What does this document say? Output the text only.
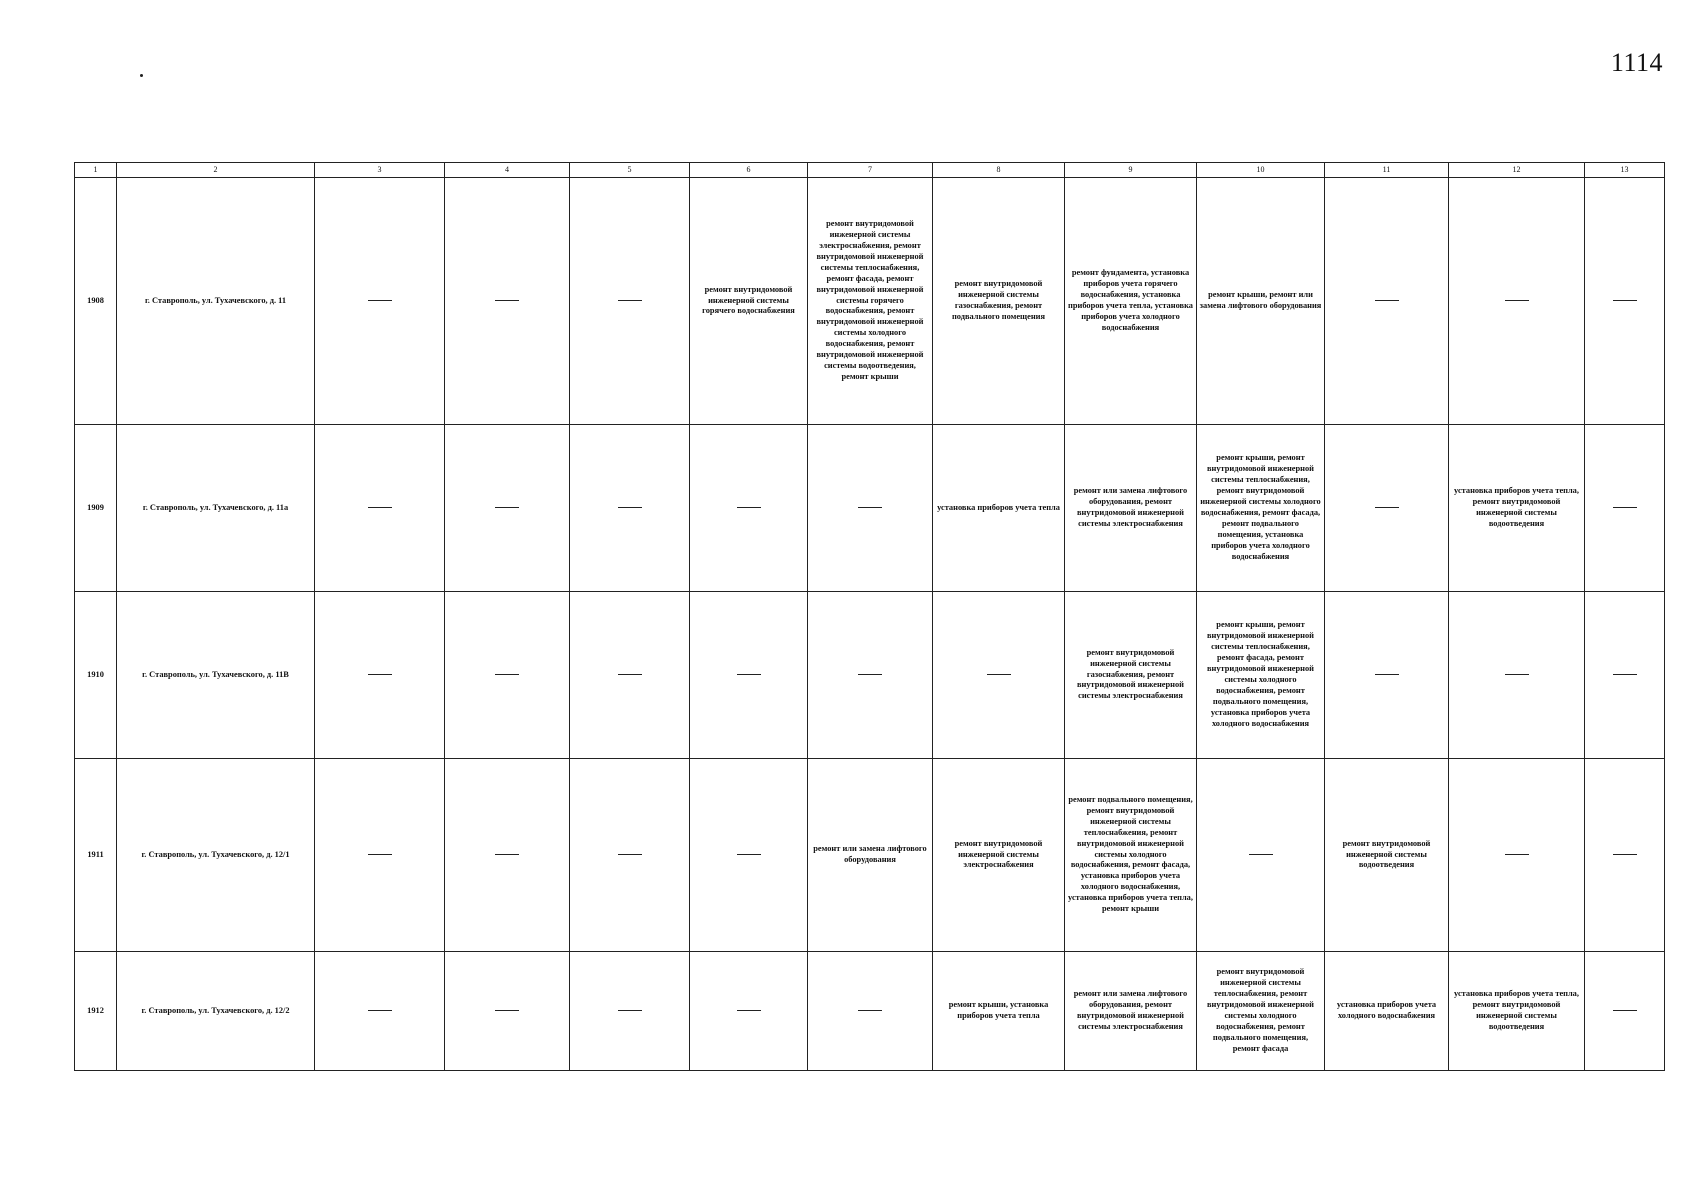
1114
1	2	3	4	5	6	7	8	9	10	11	12	13
1908	г. Ставрополь, ул. Тухачевского, д. 11				ремонт внутридомовой инженерной системы горячего водоснабжения	ремонт внутридомовой инженерной системы электроснабжения, ремонт внутридомовой инженерной системы теплоснабжения, ремонт фасада, ремонт внутридомовой инженерной системы горячего водоснабжения, ремонт внутридомовой инженерной системы холодного водоснабжения, ремонт внутридомовой инженерной системы водоотведения, ремонт крыши	ремонт внутридомовой инженерной системы газоснабжения, ремонт подвального помещения	ремонт фундамента, установка приборов учета горячего водоснабжения, установка приборов учета тепла, установка приборов учета холодного водоснабжения	ремонт крыши, ремонт или замена лифтового оборудования			
1909	г. Ставрополь, ул. Тухачевского, д. 11а						установка приборов учета тепла	ремонт или замена лифтового оборудования, ремонт внутридомовой инженерной системы электроснабжения	ремонт крыши, ремонт внутридомовой инженерной системы теплоснабжения, ремонт внутридомовой инженерной системы холодного водоснабжения, ремонт фасада, ремонт подвального помещения, установка приборов учета холодного водоснабжения		установка приборов учета тепла, ремонт внутридомовой инженерной системы водоотведения	
1910	г. Ставрополь, ул. Тухачевского, д. 11В							ремонт внутридомовой инженерной системы газоснабжения, ремонт внутридомовой инженерной системы электроснабжения	ремонт крыши, ремонт внутридомовой инженерной системы теплоснабжения, ремонт фасада, ремонт внутридомовой инженерной системы холодного водоснабжения, ремонт подвального помещения, установка приборов учета холодного водоснабжения			
1911	г. Ставрополь, ул. Тухачевского, д. 12/1					ремонт или замена лифтового оборудования	ремонт внутридомовой инженерной системы электроснабжения	ремонт подвального помещения, ремонт внутридомовой инженерной системы теплоснабжения, ремонт внутридомовой инженерной системы холодного водоснабжения, ремонт фасада, установка приборов учета холодного водоснабжения, установка приборов учета тепла, ремонт крыши		ремонт внутридомовой инженерной системы водоотведения		
1912	г. Ставрополь, ул. Тухачевского, д. 12/2						ремонт крыши, установка приборов учета тепла	ремонт или замена лифтового оборудования, ремонт внутридомовой инженерной системы электроснабжения	ремонт внутридомовой инженерной системы теплоснабжения, ремонт внутридомовой инженерной системы холодного водоснабжения, ремонт подвального помещения, ремонт фасада	установка приборов учета холодного водоснабжения	установка приборов учета тепла, ремонт внутридомовой инженерной системы водоотведения	
